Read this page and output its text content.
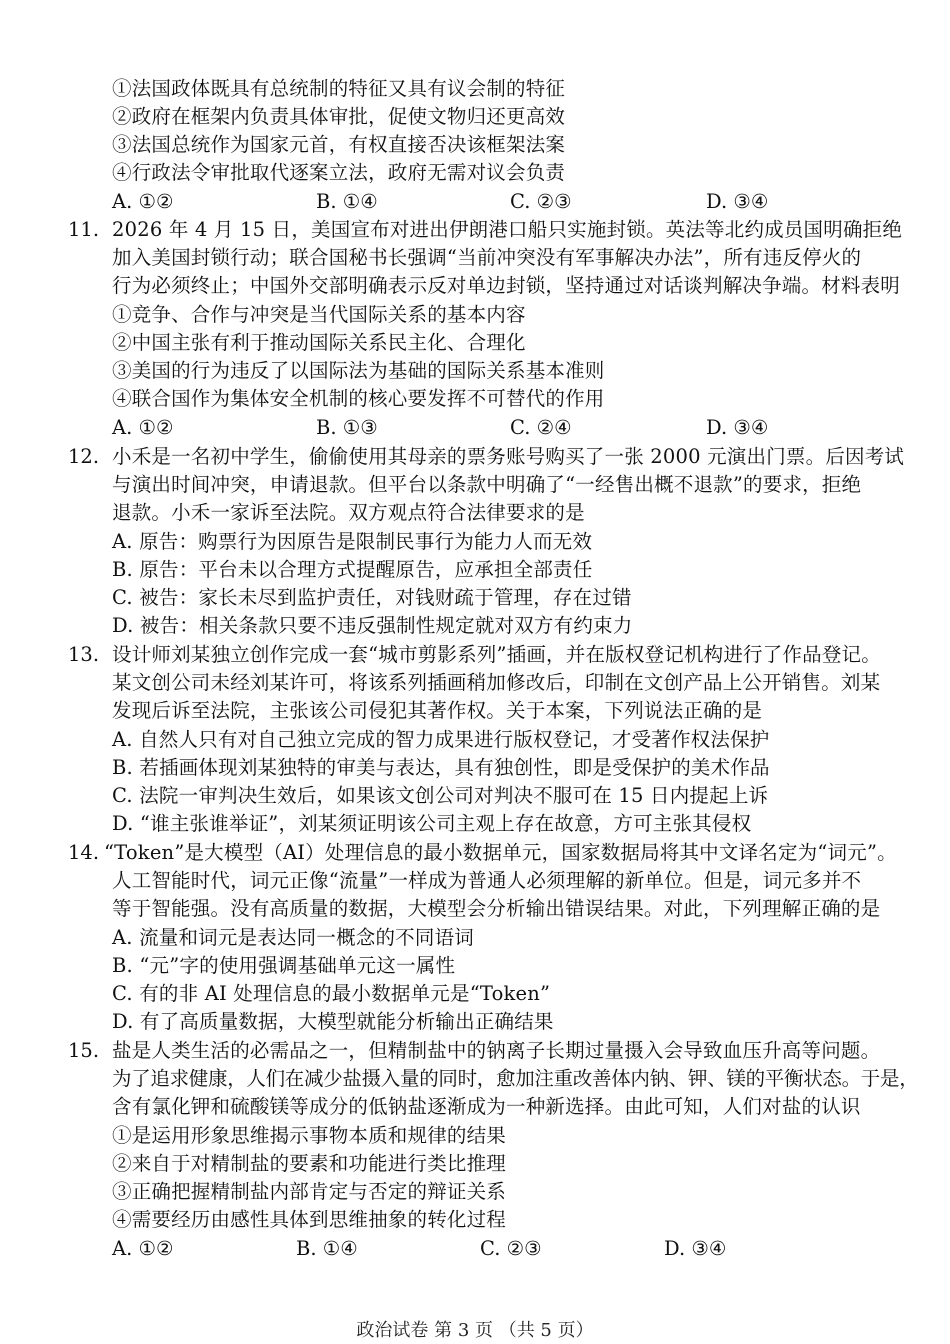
①法国政体既具有总统制的特征又具有议会制的特征
②政府在框架内负责具体审批，促使文物归还更高效
③法国总统作为国家元首，有权直接否决该框架法案
④行政法令审批取代逐案立法，政府无需对议会负责
A. ①②	B. ①④	C. ②③	D. ③④
11. 2026 年 4 月 15 日，美国宣布对进出伊朗港口船只实施封锁。英法等北约成员国明确拒绝
加入美国封锁行动；联合国秘书长强调“当前冲突没有军事解决办法”，所有违反停火的
行为必须终止；中国外交部明确表示反对单边封锁，坚持通过对话谈判解决争端。材料表明
①竞争、合作与冲突是当代国际关系的基本内容
②中国主张有利于推动国际关系民主化、合理化
③美国的行为违反了以国际法为基础的国际关系基本准则
④联合国作为集体安全机制的核心要发挥不可替代的作用
A. ①②	B. ①③	C. ②④	D. ③④
12. 小禾是一名初中学生，偷偷使用其母亲的票务账号购买了一张 2000 元演出门票。后因考试
与演出时间冲突，申请退款。但平台以条款中明确了“一经售出概不退款”的要求，拒绝
退款。小禾一家诉至法院。双方观点符合法律要求的是
A. 原告：购票行为因原告是限制民事行为能力人而无效
B. 原告：平台未以合理方式提醒原告，应承担全部责任
C. 被告：家长未尽到监护责任，对钱财疏于管理，存在过错
D. 被告：相关条款只要不违反强制性规定就对双方有约束力
13. 设计师刘某独立创作完成一套“城市剪影系列”插画，并在版权登记机构进行了作品登记。
某文创公司未经刘某许可，将该系列插画稍加修改后，印制在文创产品上公开销售。刘某
发现后诉至法院，主张该公司侵犯其著作权。关于本案，下列说法正确的是
A. 自然人只有对自己独立完成的智力成果进行版权登记，才受著作权法保护
B. 若插画体现刘某独特的审美与表达，具有独创性，即是受保护的美术作品
C. 法院一审判决生效后，如果该文创公司对判决不服可在 15 日内提起上诉
D. “谁主张谁举证”，刘某须证明该公司主观上存在故意，方可主张其侵权
14. “Token”是大模型（AI）处理信息的最小数据单元，国家数据局将其中文译名定为“词元”。
人工智能时代，词元正像“流量”一样成为普通人必须理解的新单位。但是，词元多并不
等于智能强。没有高质量的数据，大模型会分析输出错误结果。对此，下列理解正确的是
A. 流量和词元是表达同一概念的不同语词
B. “元”字的使用强调基础单元这一属性
C. 有的非 AI 处理信息的最小数据单元是“Token”
D. 有了高质量数据，大模型就能分析输出正确结果
15. 盐是人类生活的必需品之一，但精制盐中的钠离子长期过量摄入会导致血压升高等问题。
为了追求健康，人们在减少盐摄入量的同时，愈加注重改善体内钠、钾、镁的平衡状态。于是，
含有氯化钾和硫酸镁等成分的低钠盐逐渐成为一种新选择。由此可知，人们对盐的认识
①是运用形象思维揭示事物本质和规律的结果
②来自于对精制盐的要素和功能进行类比推理
③正确把握精制盐内部肯定与否定的辩证关系
④需要经历由感性具体到思维抽象的转化过程
A. ①②	B. ①④	C. ②③	D. ③④
政治试卷 第 3 页 （共 5 页）
